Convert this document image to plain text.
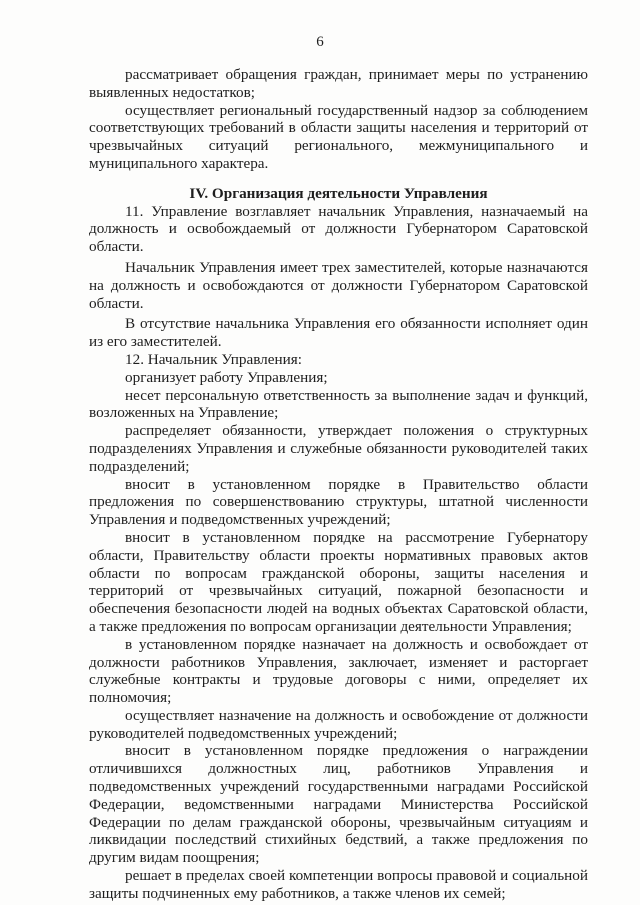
6

рассматривает обращения граждан, принимает меры по устранению выявленных недостатков;

осуществляет региональный государственный надзор за соблюдением соответствующих требований в области защиты населения и территорий от чрезвычайных ситуаций регионального, межмуниципального и муниципального характера.

IV. Организация деятельности Управления

11. Управление возглавляет начальник Управления, назначаемый на должность и освобождаемый от должности Губернатором Саратовской области.

Начальник Управления имеет трех заместителей, которые назначаются на должность и освобождаются от должности Губернатором Саратовской области.

В отсутствие начальника Управления его обязанности исполняет один из его заместителей.

12. Начальник Управления:

организует работу Управления;

несет персональную ответственность за выполнение задач и функций, возложенных на Управление;

распределяет обязанности, утверждает положения о структурных подразделениях Управления и служебные обязанности руководителей таких подразделений;

вносит в установленном порядке в Правительство области предложения по совершенствованию структуры, штатной численности Управления и подведомственных учреждений;

вносит в установленном порядке на рассмотрение Губернатору области, Правительству области проекты нормативных правовых актов области по вопросам гражданской обороны, защиты населения и территорий от чрезвычайных ситуаций, пожарной безопасности и обеспечения безопасности людей на водных объектах Саратовской области, а также предложения по вопросам организации деятельности Управления;

в установленном порядке назначает на должность и освобождает от должности работников Управления, заключает, изменяет и расторгает служебные контракты и трудовые договоры с ними, определяет их полномочия;

осуществляет назначение на должность и освобождение от должности руководителей подведомственных учреждений;

вносит в установленном порядке предложения о награждении отличившихся должностных лиц, работников Управления и подведомственных учреждений государственными наградами Российской Федерации, ведомственными наградами Министерства Российской Федерации по делам гражданской обороны, чрезвычайным ситуациям и ликвидации последствий стихийных бедствий, а также предложения по другим видам поощрения;

решает в пределах своей компетенции вопросы правовой и социальной защиты подчиненных ему работников, а также членов их семей;
